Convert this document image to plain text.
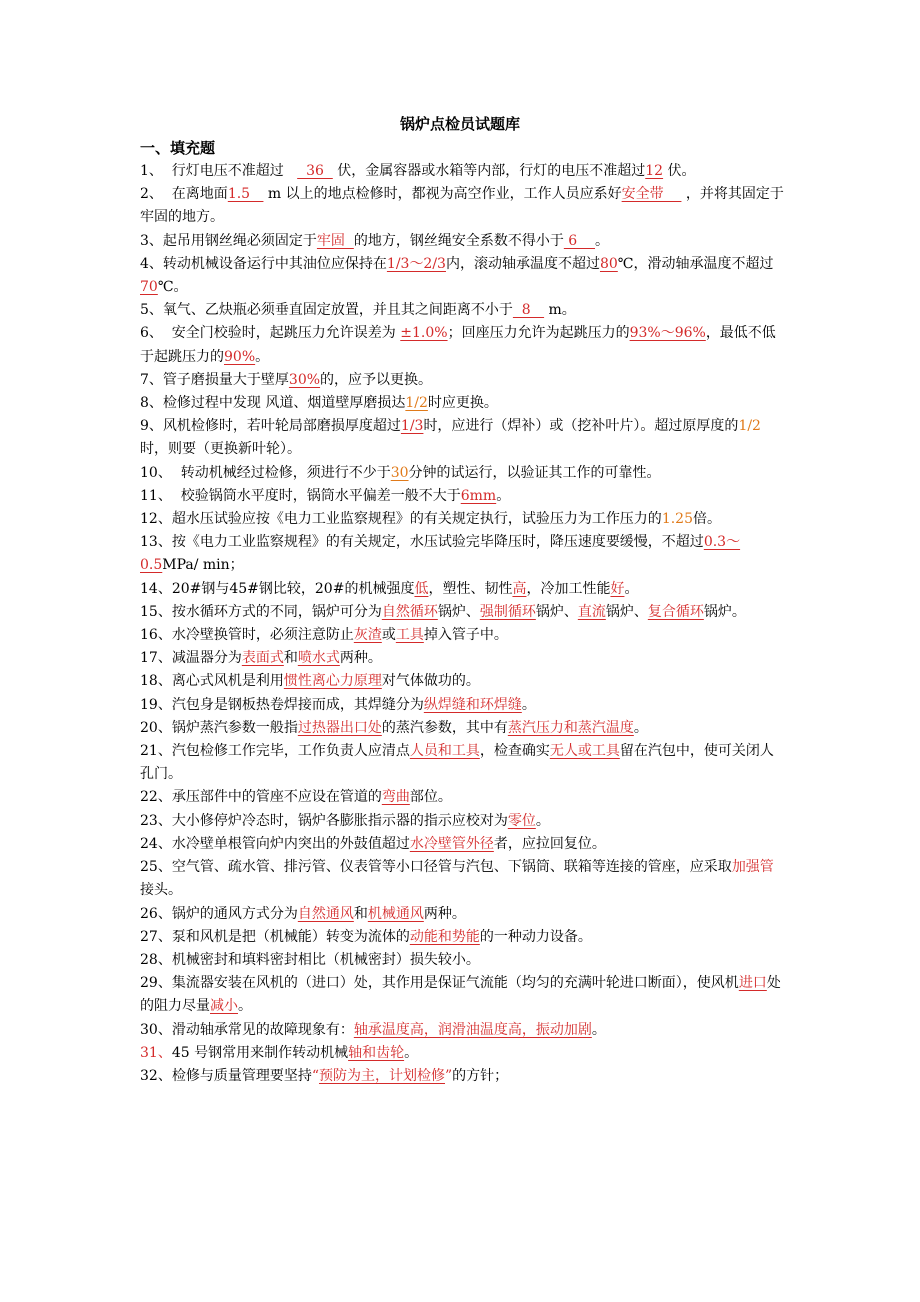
锅炉点检员试题库
一、填充题
1、  行灯电压不准超过     36   伏，金属容器或水箱等内部，行灯的电压不准超过12 伏。
2、  在离地面1.5    m 以上的地点检修时，都视为高空作业，工作人员应系好安全带     ，并将其固定于牢固的地方。
3、起吊用钢丝绳必须固定于牢固  的地方，钢丝绳安全系数不得小于 6    。
4、转动机械设备运行中其油位应保持在1/3～2/3内，滚动轴承温度不超过80℃，滑动轴承温度不超过70℃。
5、氧气、乙炔瓶必须垂直固定放置，并且其之间距离不小于  8    m。
6、  安全门校验时，起跳压力允许误差为 ±1.0%；回座压力允许为起跳压力的93%～96%，最低不低于起跳压力的90%。
7、管子磨损量大于壁厚30%的，应予以更换。
8、检修过程中发现 风道、烟道壁厚磨损达1/2时应更换。
9、风机检修时，若叶轮局部磨损厚度超过1/3时，应进行（焊补）或（挖补叶片）。超过原厚度的1/2时，则要（更换新叶轮）。
10、  转动机械经过检修，须进行不少于30分钟的试运行，以验证其工作的可靠性。
11、  校验锅筒水平度时，锅筒水平偏差一般不大于6mm。
12、超水压试验应按《电力工业监察规程》的有关规定执行，试验压力为工作压力的1.25倍。
13、按《电力工业监察规程》的有关规定，水压试验完毕降压时，降压速度要缓慢，不超过0.3～0.5MPa/ min；
14、20#钢与45#钢比较，20#的机械强度低，塑性、韧性高，冷加工性能好。
15、按水循环方式的不同，锅炉可分为自然循环锅炉、强制循环锅炉、直流锅炉、复合循环锅炉。
16、水冷壁换管时，必须注意防止灰渣或工具掉入管子中。
17、减温器分为表面式和喷水式两种。
18、离心式风机是利用惯性离心力原理对气体做功的。
19、汽包身是钢板热卷焊接而成，其焊缝分为纵焊缝和环焊缝。
20、锅炉蒸汽参数一般指过热器出口处的蒸汽参数，其中有蒸汽压力和蒸汽温度。
21、汽包检修工作完毕，工作负责人应清点人员和工具，检查确实无人或工具留在汽包中，使可关闭人孔门。
22、承压部件中的管座不应设在管道的弯曲部位。
23、大小修停炉冷态时，锅炉各膨胀指示器的指示应校对为零位。
24、水冷壁单根管向炉内突出的外鼓值超过水冷壁管外径者，应拉回复位。
25、空气管、疏水管、排污管、仪表管等小口径管与汽包、下锅筒、联箱等连接的管座，应采取加强管接头。
26、锅炉的通风方式分为自然通风和机械通风两种。
27、泵和风机是把（机械能）转变为流体的动能和势能的一种动力设备。
28、机械密封和填料密封相比（机械密封）损失较小。
29、集流器安装在风机的（进口）处，其作用是保证气流能（均匀的充满叶轮进口断面），使风机进口处的阻力尽量减小。
30、滑动轴承常见的故障现象有：轴承温度高，润滑油温度高，振动加剧。
31、45 号钢常用来制作转动机械轴和齿轮。
32、检修与质量管理要坚持“预防为主，计划检修”的方针；
